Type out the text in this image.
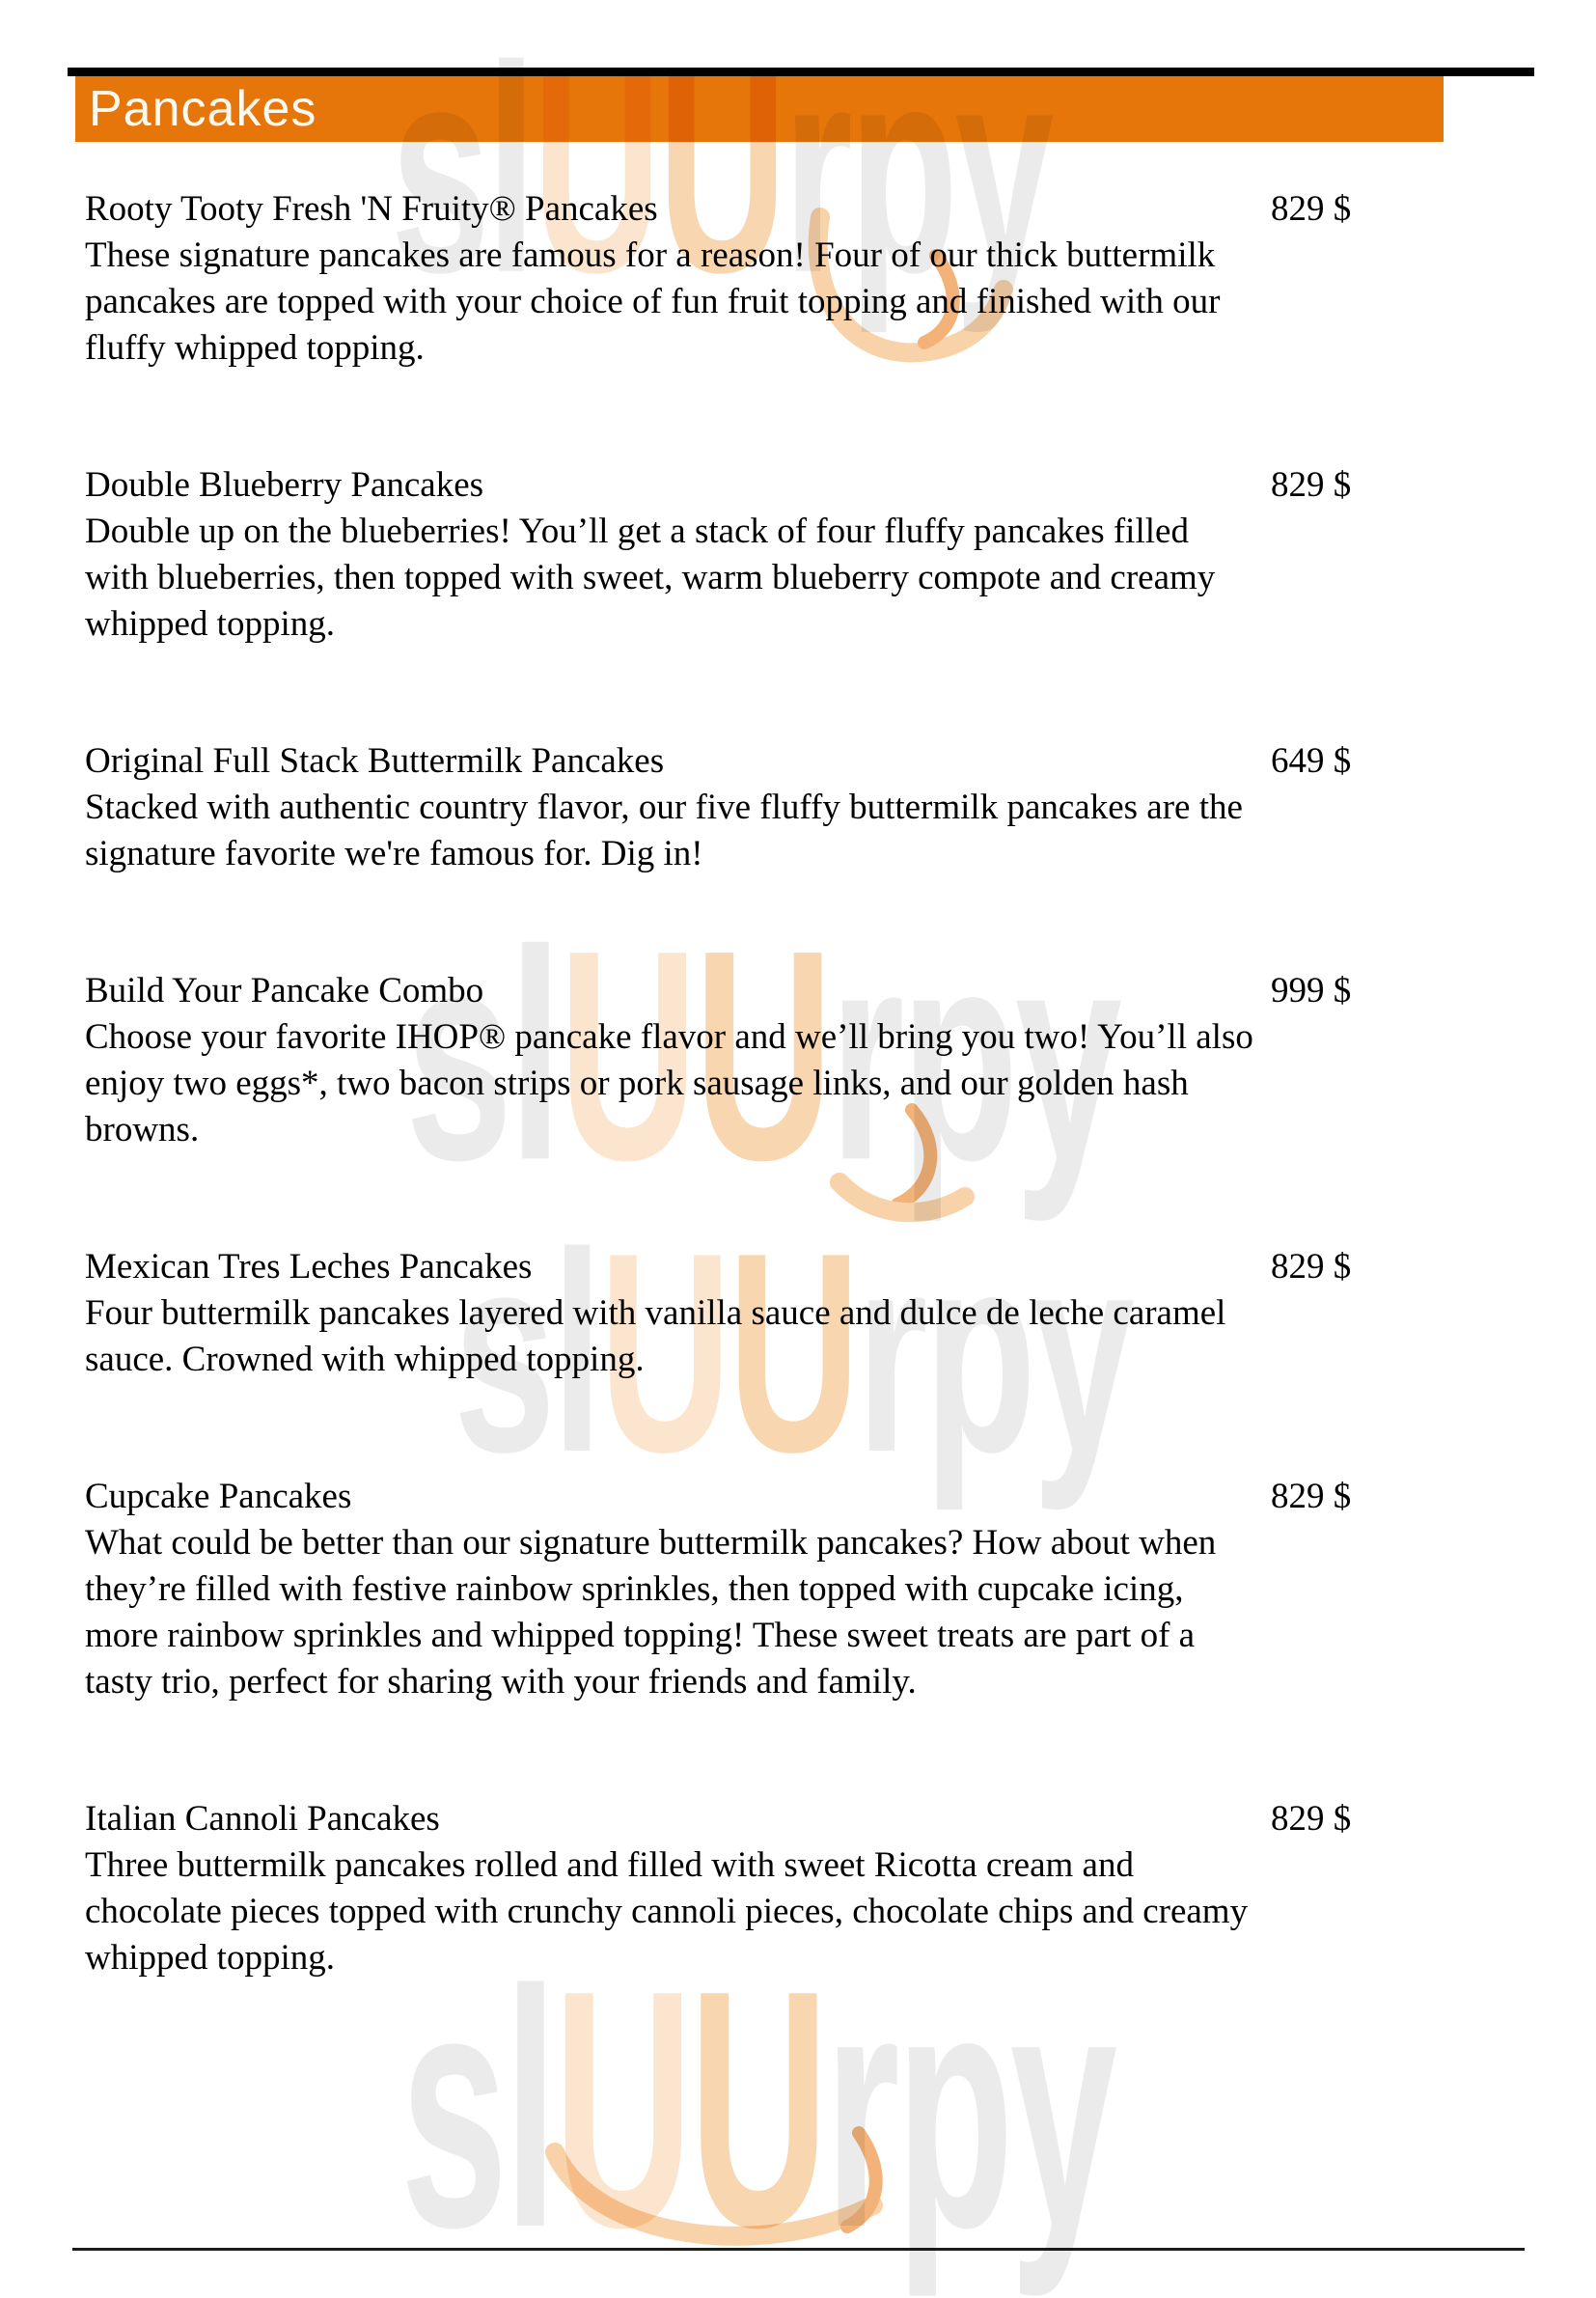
slUUrpy
slUUrpy
slUUrpy
slUUrpy
Pancakes
Rooty Tooty Fresh 'N Fruity® Pancakes	829 $
These signature pancakes are famous for a reason! Four of our thick buttermilk pancakes are topped with your choice of fun fruit topping and finished with our fluffy whipped topping.
Double Blueberry Pancakes	829 $
Double up on the blueberries! You’ll get a stack of four fluffy pancakes filled with blueberries, then topped with sweet, warm blueberry compote and creamy whipped topping.
Original Full Stack Buttermilk Pancakes	649 $
Stacked with authentic country flavor, our five fluffy buttermilk pancakes are the signature favorite we're famous for. Dig in!
Build Your Pancake Combo	999 $
Choose your favorite IHOP® pancake flavor and we’ll bring you two! You’ll also enjoy two eggs*, two bacon strips or pork sausage links, and our golden hash browns.
Mexican Tres Leches Pancakes	829 $
Four buttermilk pancakes layered with vanilla sauce and dulce de leche caramel sauce. Crowned with whipped topping.
Cupcake Pancakes	829 $
What could be better than our signature buttermilk pancakes? How about when they’re filled with festive rainbow sprinkles, then topped with cupcake icing, more rainbow sprinkles and whipped topping! These sweet treats are part of a tasty trio, perfect for sharing with your friends and family.
Italian Cannoli Pancakes	829 $
Three buttermilk pancakes rolled and filled with sweet Ricotta cream and chocolate pieces topped with crunchy cannoli pieces, chocolate chips and creamy whipped topping.
